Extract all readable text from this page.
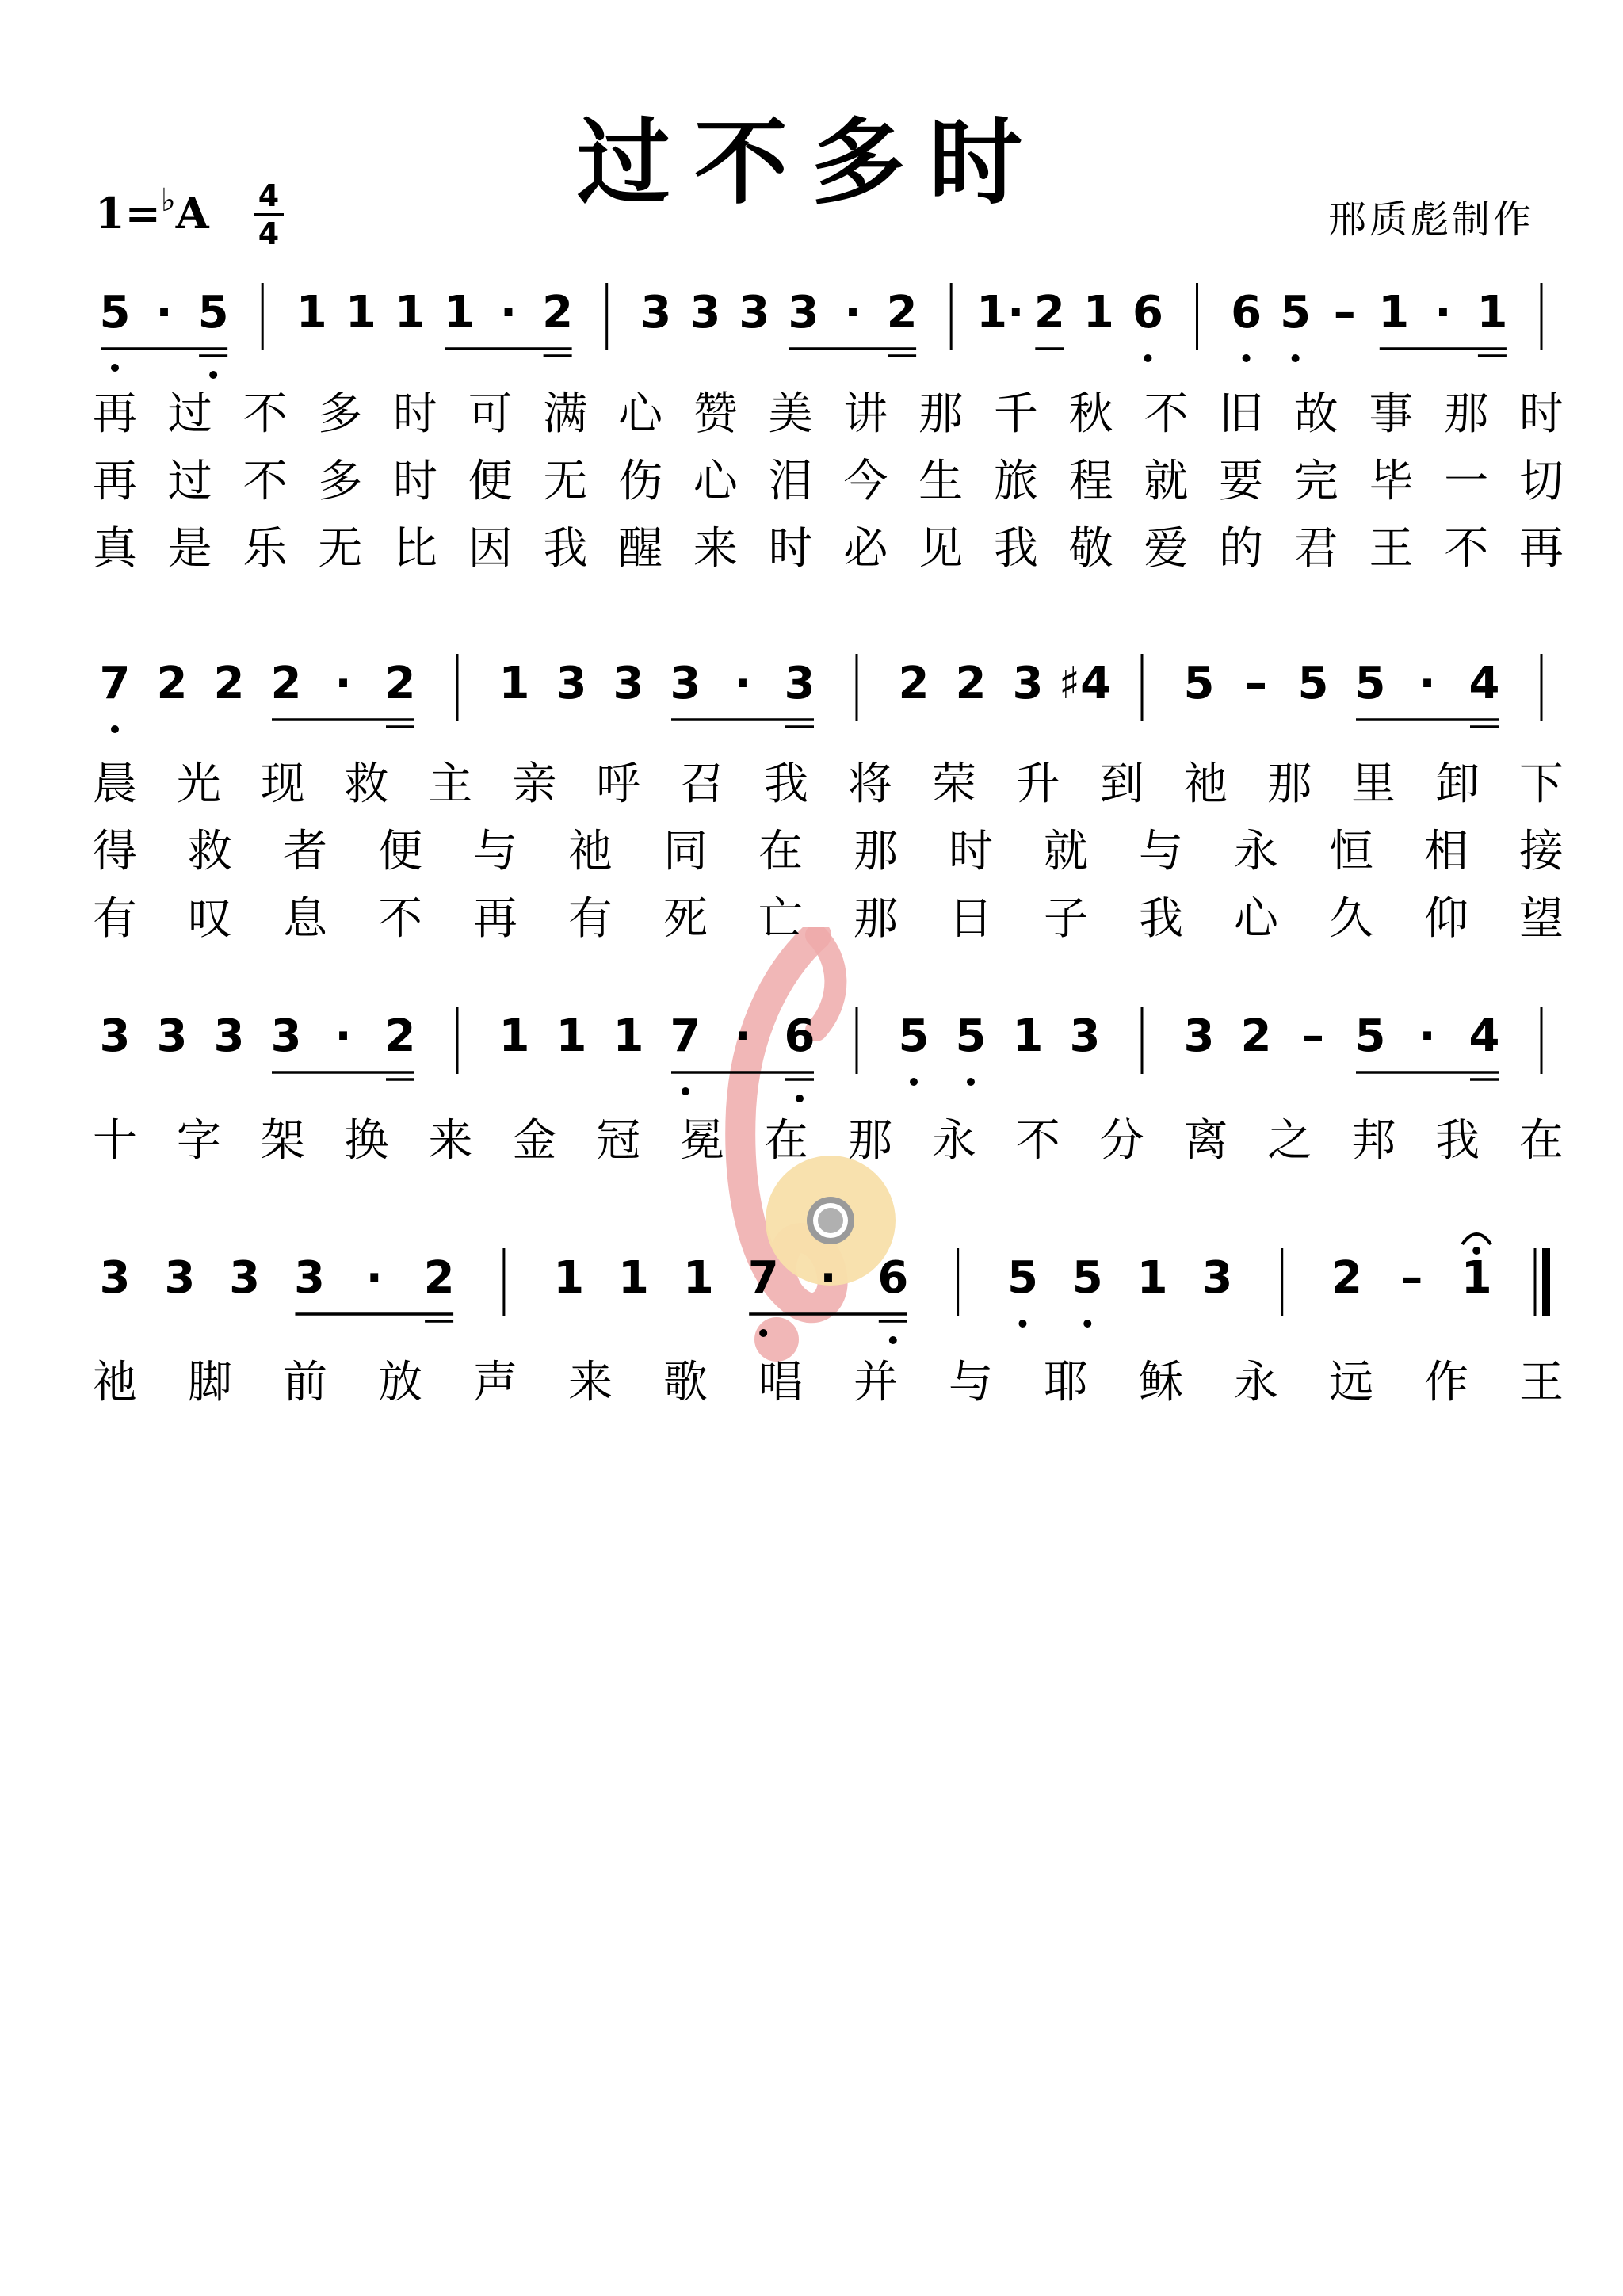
过不多时
1=♭A 4
4	邢质彪制作
5 · 5 1 1 1 1 · 2 3 3 3 3 · 2 1· 2 1 6 6 5 – 1 · 1
再 过 不 多 时 可 满 心 赞 美 讲 那 千 秋 不 旧 故 事 那 时
再 过 不 多 时 便 无 伤 心 泪 今 生 旅 程 就 要 完 毕 一 切
真 是 乐 无 比 因 我 醒 来 时 必 见 我 敬 爱 的 君 王 不 再
7 2 2 2 · 2 1 3 3 3 · 3 2 2 3 ♯4 5 – 5 5 · 4
晨 光 现 救 主 亲 呼 召 我 将 荣 升 到 祂 那 里 卸 下
得 救 者 便 与 祂 同 在 那 时 就 与 永 恒 相 接
有 叹 息 不 再 有 死 亡 那 日 子 我 心 久 仰 望
3 3 3 3 · 2 1 1 1 7 · 6 5 5 1 3 3 2 – 5 · 4
十 字 架 换 来 金 冠 冕 在 那 永 不 分 离 之 邦 我 在
3 3 3 3 · 2 1 1 1 7 · 6 5 5 1 3 2 – 1
祂 脚 前 放 声 来 歌 唱 并 与 耶 稣 永 远 作 王
